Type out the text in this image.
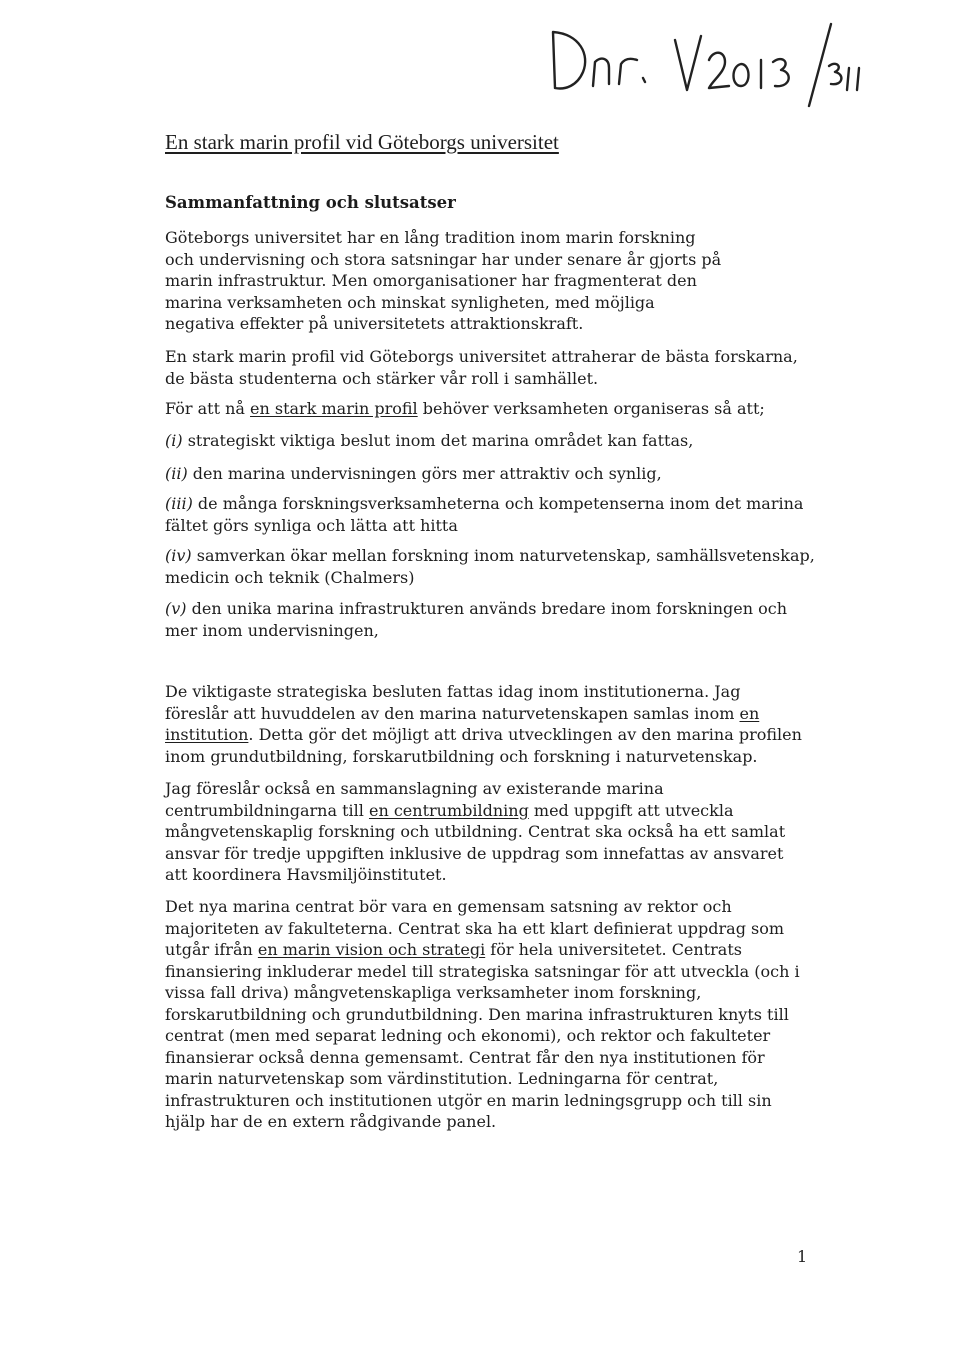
En stark marin profil vid Göteborgs universitet
Sammanfattning och slutsatser

Göteborgs universitet har en lång tradition inom marin forskning och undervisning och stora satsningar har under senare år gjorts på marin infrastruktur. Men omorganisationer har fragmenterat den marina verksamheten och minskat synligheten, med möjliga negativa effekter på universitetets attraktionskraft.

En stark marin profil vid Göteborgs universitet attraherar de bästa forskarna, de bästa studenterna och stärker vår roll i samhället.

För att nå en stark marin profil behöver verksamheten organiseras så att;

(i) strategiskt viktiga beslut inom det marina området kan fattas,

(ii) den marina undervisningen görs mer attraktiv och synlig,

(iii) de många forskningsverksamheterna och kompetenserna inom det marina fältet görs synliga och lätta att hitta

(iv) samverkan ökar mellan forskning inom naturvetenskap, samhällsvetenskap, medicin och teknik (Chalmers)

(v) den unika marina infrastrukturen används bredare inom forskningen och mer inom undervisningen,

De viktigaste strategiska besluten fattas idag inom institutionerna. Jag föreslår att huvuddelen av den marina naturvetenskapen samlas inom en institution. Detta gör det möjligt att driva utvecklingen av den marina profilen inom grundutbildning, forskarutbildning och forskning i naturvetenskap.

Jag föreslår också en sammanslagning av existerande marina centrumbildningarna till en centrumbildning med uppgift att utveckla mångvetenskaplig forskning och utbildning. Centrat ska också ha ett samlat ansvar för tredje uppgiften inklusive de uppdrag som innefattas av ansvaret att koordinera Havsmiljöinstitutet.

Det nya marina centrat bör vara en gemensam satsning av rektor och majoriteten av fakulteterna. Centrat ska ha ett klart definierat uppdrag som utgår ifrån en marin vision och strategi för hela universitetet. Centrats finansiering inkluderar medel till strategiska satsningar för att utveckla (och i vissa fall driva) mångvetenskapliga verksamheter inom forskning, forskarutbildning och grundutbildning. Den marina infrastrukturen knyts till centrat (men med separat ledning och ekonomi), och rektor och fakulteter finansierar också denna gemensamt. Centrat får den nya institutionen för marin naturvetenskap som värdinstitution. Ledningarna för centrat, infrastrukturen och institutionen utgör en marin ledningsgrupp och till sin hjälp har de en extern rådgivande panel.

1
